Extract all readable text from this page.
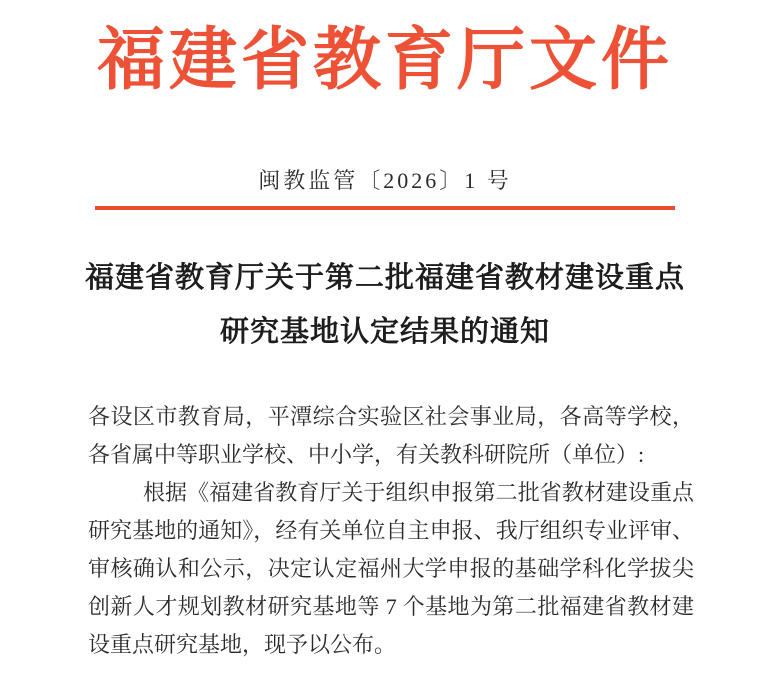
福建省教育厅文件
闽教监管〔2026〕1 号
福建省教育厅关于第二批福建省教材建设重点
研究基地认定结果的通知

各设区市教育局，平潭综合实验区社会事业局，各高等学校，各省属中等职业学校、中小学，有关教科研院所（单位）:

根据《福建省教育厅关于组织申报第二批省教材建设重点研究基地的通知》，经有关单位自主申报、我厅组织专业评审、审核确认和公示，决定认定福州大学申报的基础学科化学拔尖创新人才规划教材研究基地等 7 个基地为第二批福建省教材建设重点研究基地，现予以公布。
